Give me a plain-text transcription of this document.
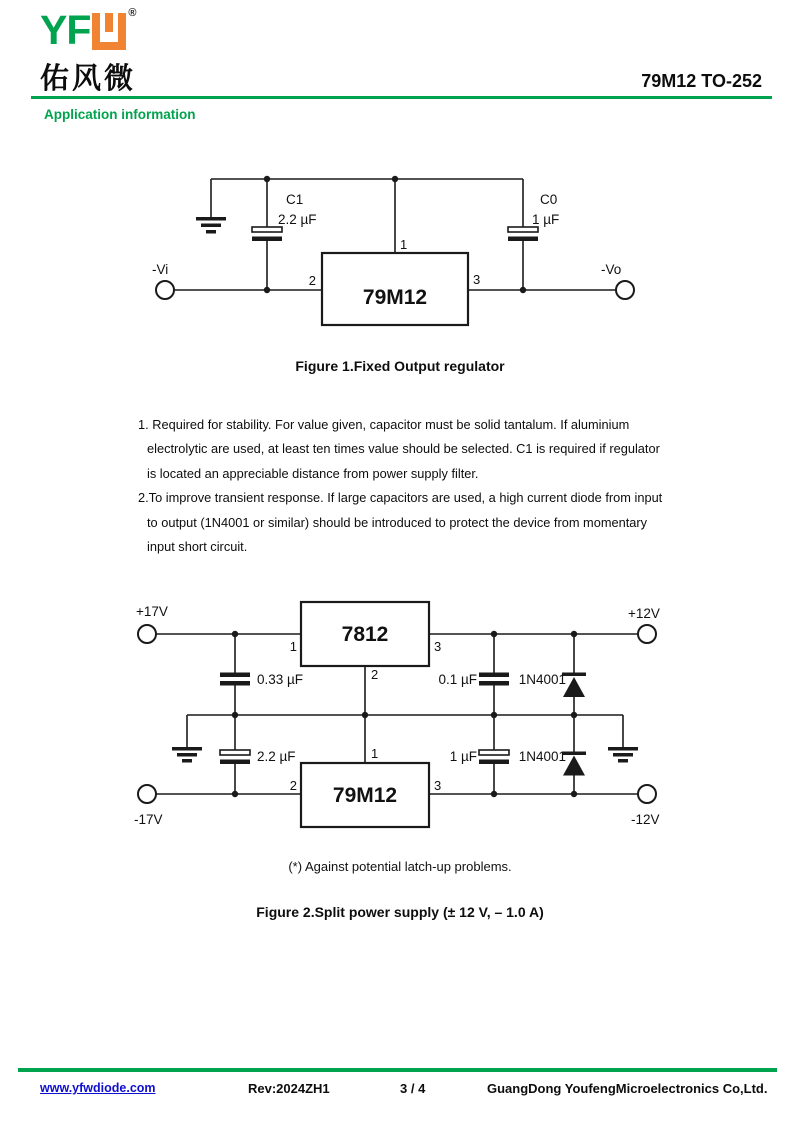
YF	®
佑风微	79M12 TO-252
Application information
79M12
-Vi	-Vo
C1
2.2 µF
C0
1 µF
1
2	3
Figure 1.Fixed Output regulator
1. Required for stability. For value given, capacitor must be solid tantalum. If aluminium
electrolytic are used, at least ten times value should be selected. C1 is required if regulator
is located an appreciable distance from power supply filter.
2.To improve transient response. If large capacitors are used, a high current diode from input
to output (1N4001 or similar) should be introduced to protect the device from momentary
input short circuit.
7812
79M12
+17V	+12V
-17V	-12V
0.33 µF	0.1 µF	1N4001
2.2 µF	1 µF	1N4001
1	3
2
1
2	3
(*) Against potential latch-up problems.
Figure 2.Split power supply (± 12 V, – 1.0 A)
www.yfwdiode.com	Rev:2024ZH1	3 / 4	GuangDong YoufengMicroelectronics Co,Ltd.
